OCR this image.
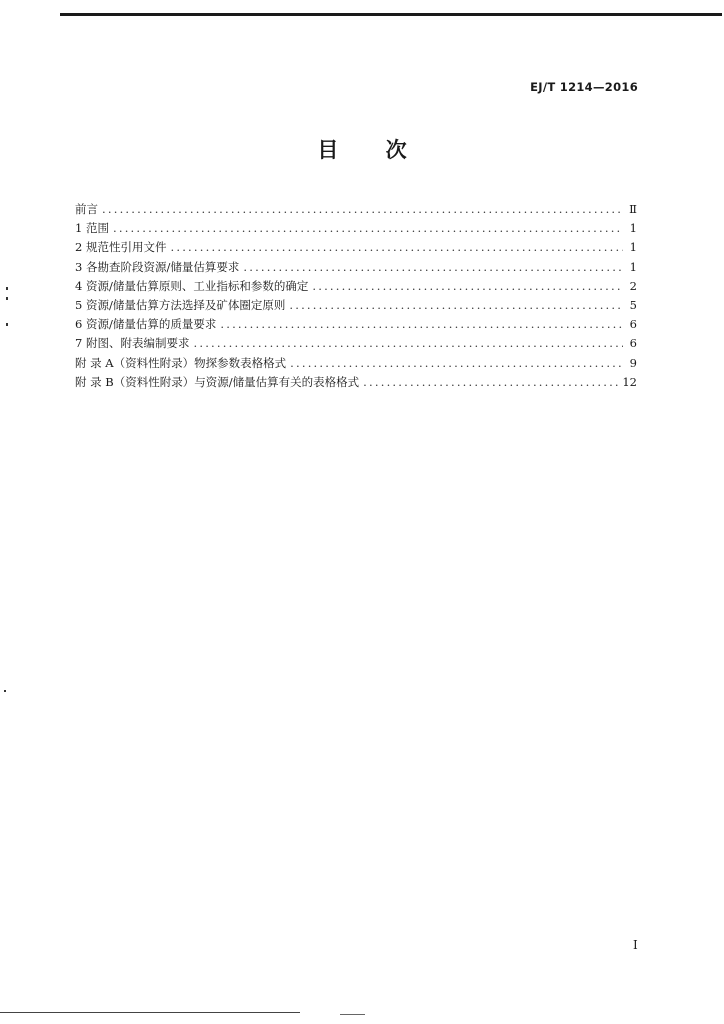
EJ/T 1214—2016
目 次
前言 .....	Ⅱ
1 范围 .....	1
2 规范性引用文件 .....	1
3 各勘查阶段资源/储量估算要求 .....	1
4 资源/储量估算原则、工业指标和参数的确定 .....	2
5 资源/储量估算方法选择及矿体圈定原则 .....	5
6 资源/储量估算的质量要求 .....	6
7 附图、附表编制要求 .....	6
附 录 A（资料性附录）物探参数表格格式 .....	9
附 录 B（资料性附录）与资源/储量估算有关的表格格式 .....	12
Ⅰ
